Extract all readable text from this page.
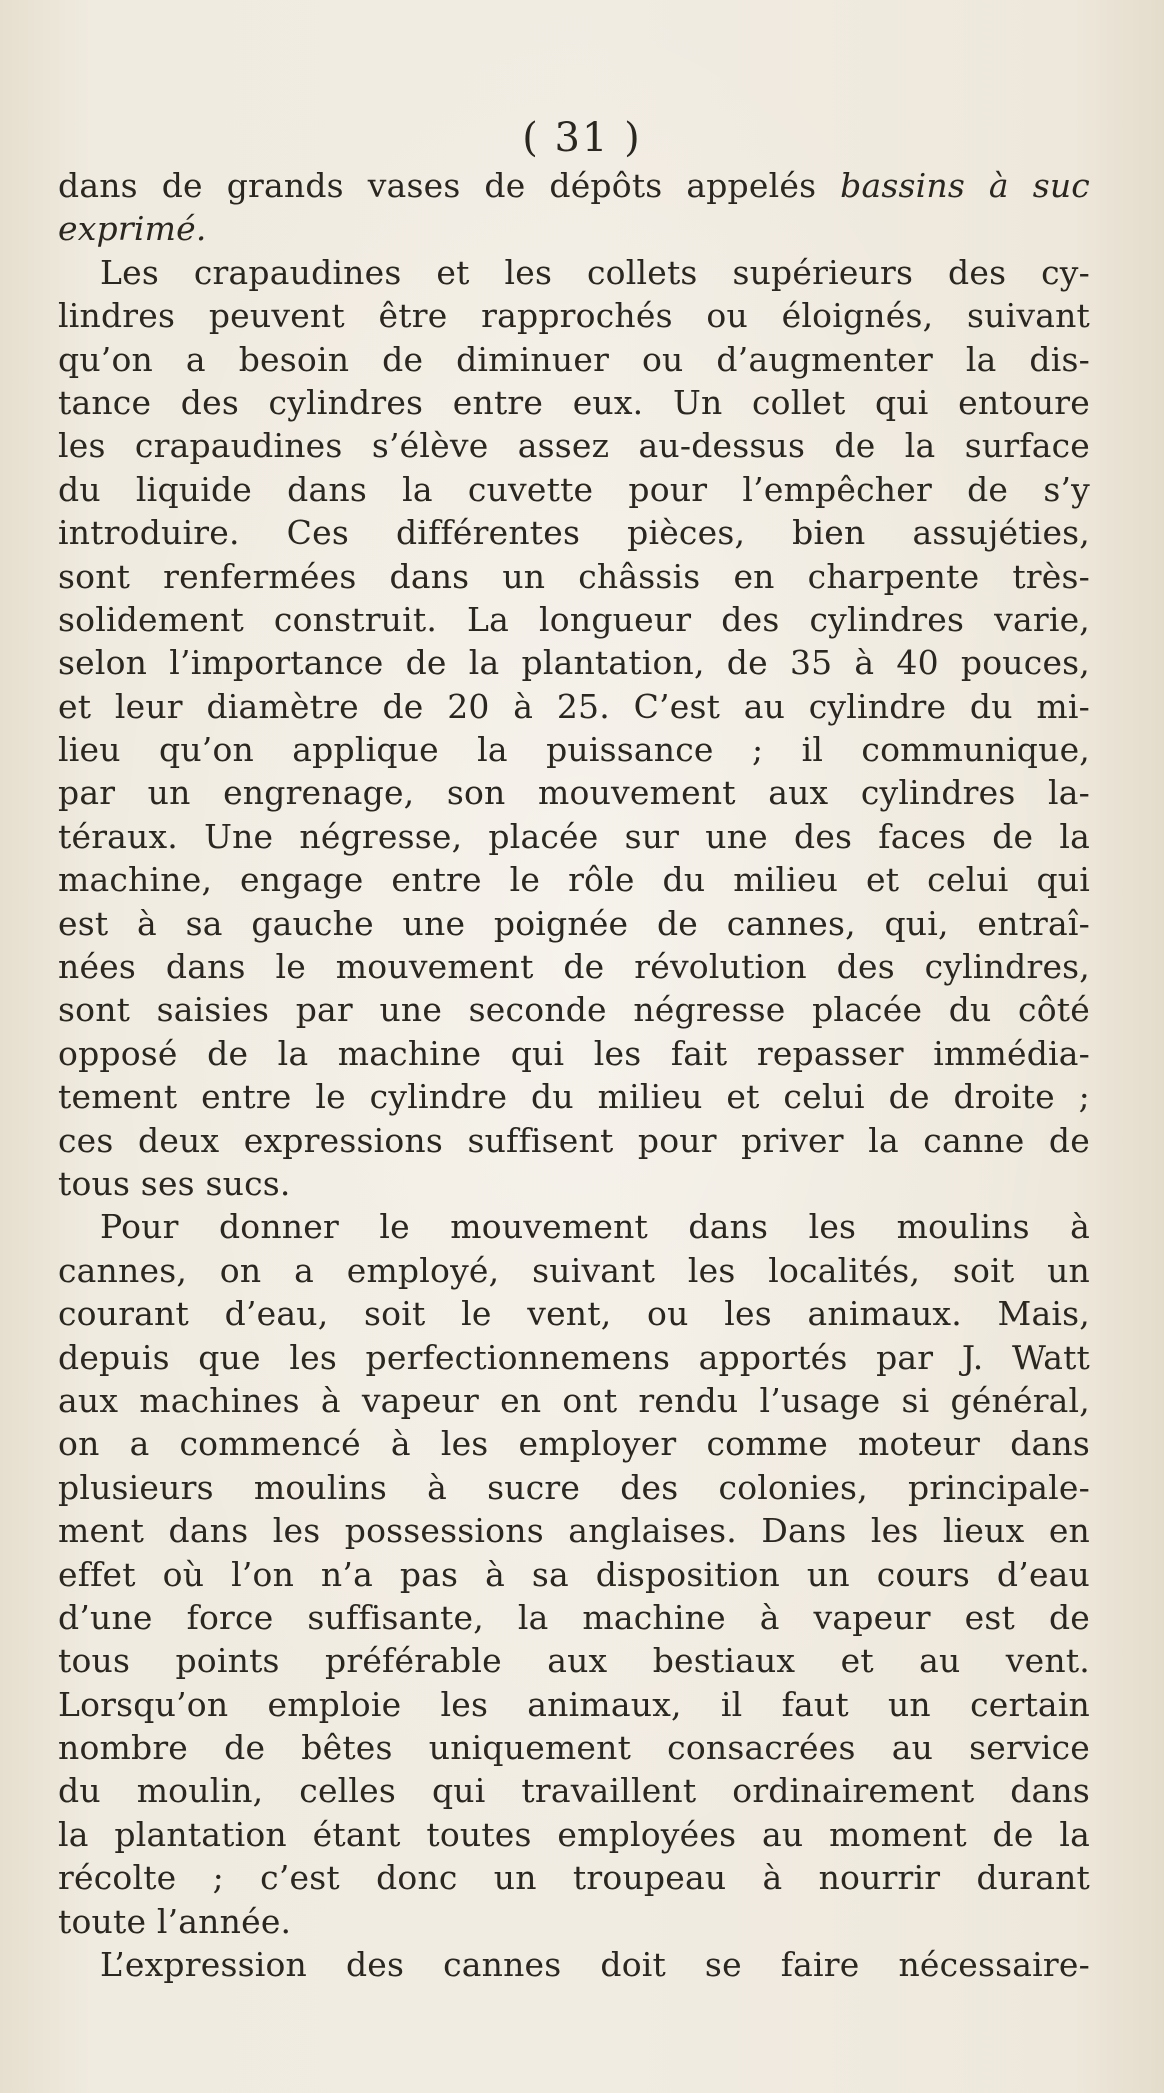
( 31 )
dans de grands vases de dépôts appelés bassins à suc
exprimé.
Les crapaudines et les collets supérieurs des cy-
lindres peuvent être rapprochés ou éloignés, suivant
qu’on a besoin de diminuer ou d’augmenter la dis-
tance des cylindres entre eux. Un collet qui entoure
les crapaudines s’élève assez au-dessus de la surface
du liquide dans la cuvette pour l’empêcher de s’y
introduire. Ces différentes pièces, bien assujéties,
sont renfermées dans un châssis en charpente très-
solidement construit. La longueur des cylindres varie,
selon l’importance de la plantation, de 35 à 40 pouces,
et leur diamètre de 20 à 25. C’est au cylindre du mi-
lieu qu’on applique la puissance ; il communique,
par un engrenage, son mouvement aux cylindres la-
téraux. Une négresse, placée sur une des faces de la
machine, engage entre le rôle du milieu et celui qui
est à sa gauche une poignée de cannes, qui, entraî-
nées dans le mouvement de révolution des cylindres,
sont saisies par une seconde négresse placée du côté
opposé de la machine qui les fait repasser immédia-
tement entre le cylindre du milieu et celui de droite ;
ces deux expressions suffisent pour priver la canne de
tous ses sucs.
Pour donner le mouvement dans les moulins à
cannes, on a employé, suivant les localités, soit un
courant d’eau, soit le vent, ou les animaux. Mais,
depuis que les perfectionnemens apportés par J. Watt
aux machines à vapeur en ont rendu l’usage si général,
on a commencé à les employer comme moteur dans
plusieurs moulins à sucre des colonies, principale-
ment dans les possessions anglaises. Dans les lieux en
effet où l’on n’a pas à sa disposition un cours d’eau
d’une force suffisante, la machine à vapeur est de
tous points préférable aux bestiaux et au vent.
Lorsqu’on emploie les animaux, il faut un certain
nombre de bêtes uniquement consacrées au service
du moulin, celles qui travaillent ordinairement dans
la plantation étant toutes employées au moment de la
récolte ; c’est donc un troupeau à nourrir durant
toute l’année.
L’expression des cannes doit se faire nécessaire-
